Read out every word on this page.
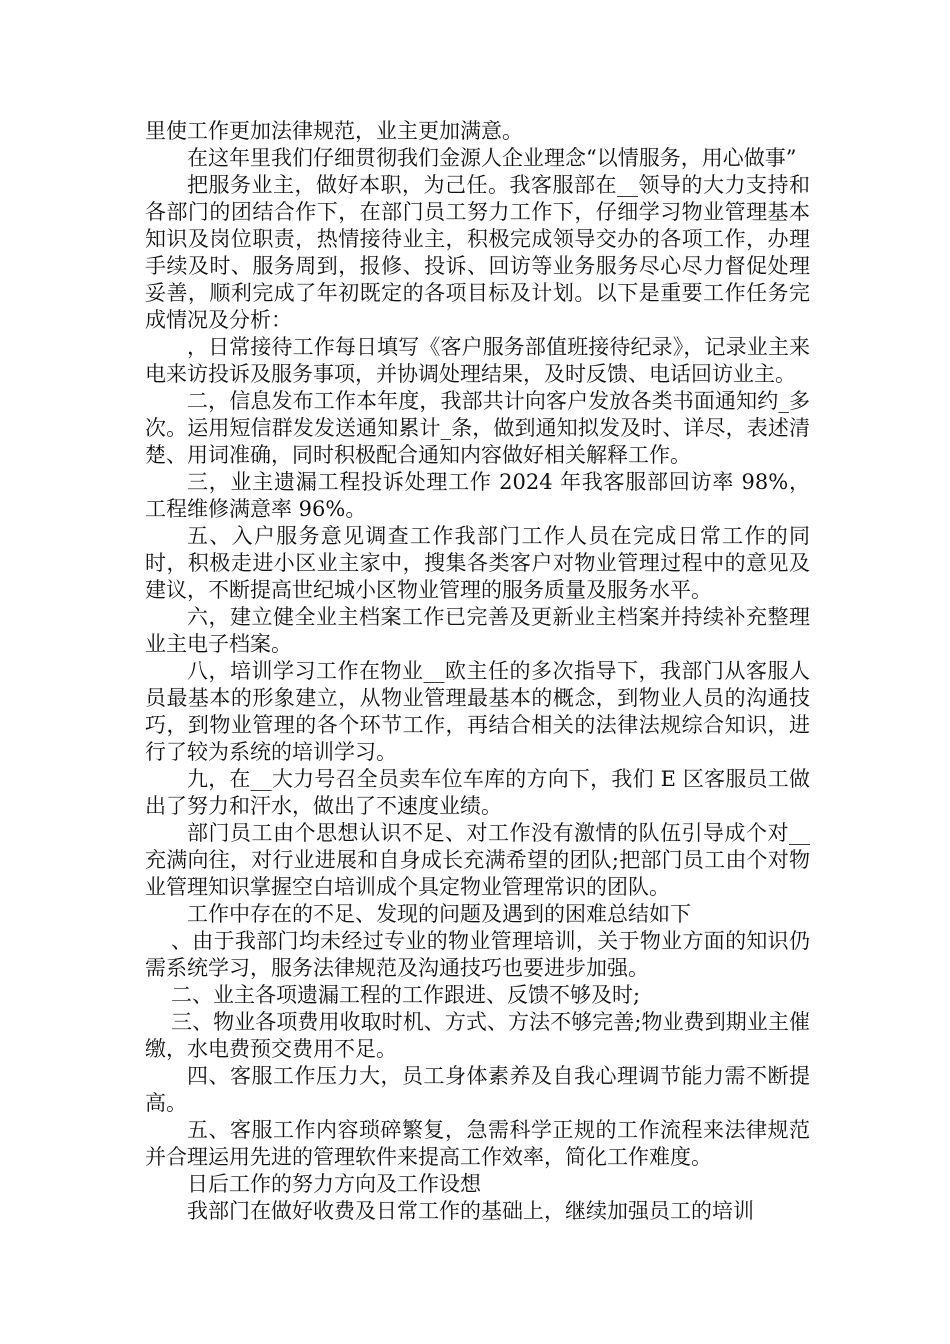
里使工作更加法律规范，业主更加满意。

在这年里我们仔细贯彻我们金源人企业理念“以情服务，用心做事”

把服务业主，做好本职，为己任。我客服部在__领导的大力支持和各部门的团结合作下，在部门员工努力工作下，仔细学习物业管理基本知识及岗位职责，热情接待业主，积极完成领导交办的各项工作，办理手续及时、服务周到，报修、投诉、回访等业务服务尽心尽力督促处理妥善，顺利完成了年初既定的各项目标及计划。以下是重要工作任务完成情况及分析：

，日常接待工作每日填写《客户服务部值班接待纪录》，记录业主来电来访投诉及服务事项，并协调处理结果，及时反馈、电话回访业主。

二，信息发布工作本年度，我部共计向客户发放各类书面通知约_多次。运用短信群发发送通知累计_条，做到通知拟发及时、详尽，表述清楚、用词准确，同时积极配合通知内容做好相关解释工作。

三，业主遗漏工程投诉处理工作 2024 年我客服部回访率 98%，工程维修满意率 96%。

五、入户服务意见调查工作我部门工作人员在完成日常工作的同时，积极走进小区业主家中，搜集各类客户对物业管理过程中的意见及建议，不断提高世纪城小区物业管理的服务质量及服务水平。

六，建立健全业主档案工作已完善及更新业主档案并持续补充整理业主电子档案。

八，培训学习工作在物业__欧主任的多次指导下，我部门从客服人员最基本的形象建立，从物业管理最基本的概念，到物业人员的沟通技巧，到物业管理的各个环节工作，再结合相关的法律法规综合知识，进行了较为系统的培训学习。

九，在__大力号召全员卖车位车库的方向下，我们 E 区客服员工做出了努力和汗水，做出了不速度业绩。

部门员工由个思想认识不足、对工作没有激情的队伍引导成个对__充满向往，对行业进展和自身成长充满希望的团队;把部门员工由个对物业管理知识掌握空白培训成个具定物业管理常识的团队。

工作中存在的不足、发现的问题及遇到的困难总结如下

、由于我部门均未经过专业的物业管理培训，关于物业方面的知识仍需系统学习，服务法律规范及沟通技巧也要进步加强。

二、业主各项遗漏工程的工作跟进、反馈不够及时;

三、物业各项费用收取时机、方式、方法不够完善;物业费到期业主催缴，水电费预交费用不足。

四、客服工作压力大，员工身体素养及自我心理调节能力需不断提高。

五、客服工作内容琐碎繁复，急需科学正规的工作流程来法律规范并合理运用先进的管理软件来提高工作效率，简化工作难度。

日后工作的努力方向及工作设想

我部门在做好收费及日常工作的基础上，继续加强员工的培训
